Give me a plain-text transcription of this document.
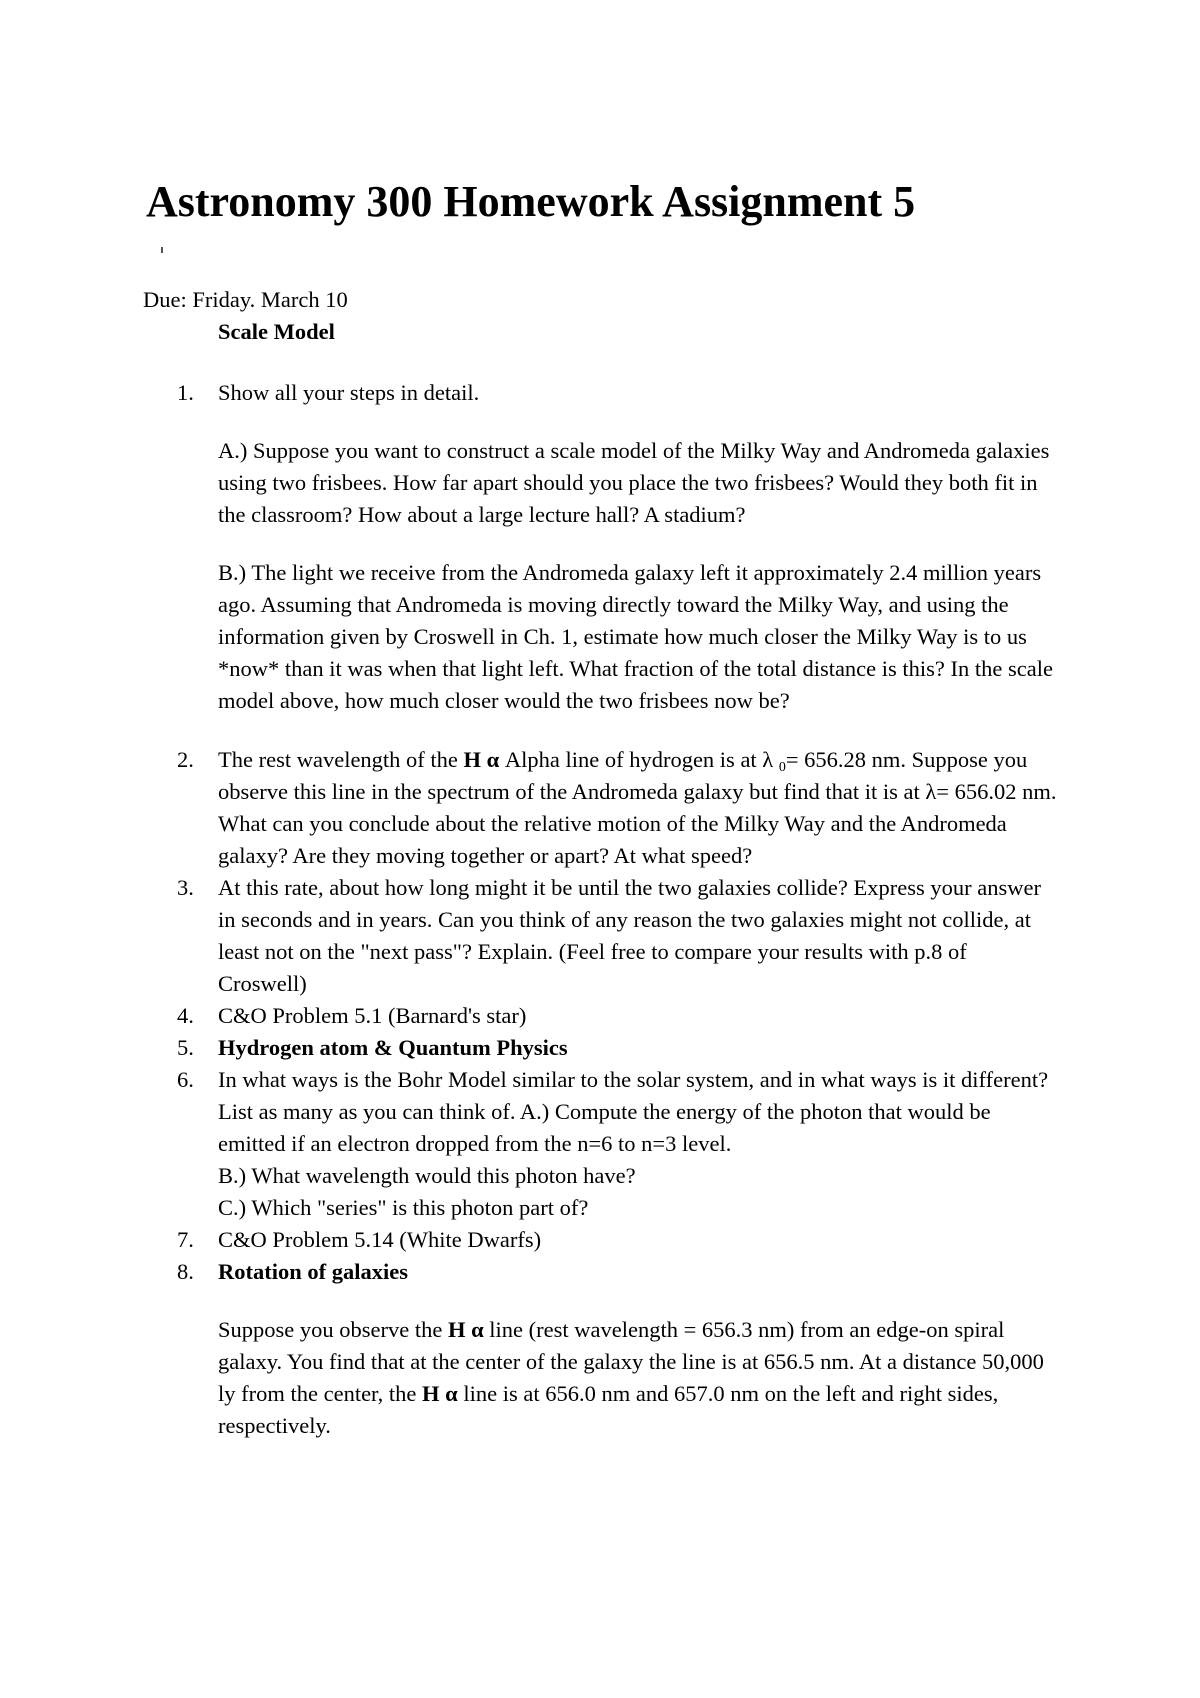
Astronomy 300 Homework Assignment 5

Due: Friday. March 10

Scale Model

1. Show all your steps in detail.

A.) Suppose you want to construct a scale model of the Milky Way and Andromeda galaxies using two frisbees. How far apart should you place the two frisbees? Would they both fit in the classroom? How about a large lecture hall? A stadium?

B.) The light we receive from the Andromeda galaxy left it approximately 2.4 million years ago. Assuming that Andromeda is moving directly toward the Milky Way, and using the information given by Croswell in Ch. 1, estimate how much closer the Milky Way is to us *now* than it was when that light left. What fraction of the total distance is this? In the scale model above, how much closer would the two frisbees now be?

2. The rest wavelength of the H α Alpha line of hydrogen is at λ $_0$= 656.28 nm. Suppose you observe this line in the spectrum of the Andromeda galaxy but find that it is at λ= 656.02 nm. What can you conclude about the relative motion of the Milky Way and the Andromeda galaxy? Are they moving together or apart? At what speed?

3. At this rate, about how long might it be until the two galaxies collide? Express your answer in seconds and in years. Can you think of any reason the two galaxies might not collide, at least not on the "next pass"? Explain. (Feel free to compare your results with p.8 of Croswell)

4. C&O Problem 5.1 (Barnard's star)

5. Hydrogen atom & Quantum Physics

6. In what ways is the Bohr Model similar to the solar system, and in what ways is it different? List as many as you can think of. A.) Compute the energy of the photon that would be emitted if an electron dropped from the n=6 to n=3 level.

B.) What wavelength would this photon have?

C.) Which "series" is this photon part of?

7. C&O Problem 5.14 (White Dwarfs)

8. Rotation of galaxies

Suppose you observe the H α line (rest wavelength = 656.3 nm) from an edge-on spiral galaxy. You find that at the center of the galaxy the line is at 656.5 nm. At a distance 50,000 ly from the center, the H α line is at 656.0 nm and 657.0 nm on the left and right sides, respectively.
